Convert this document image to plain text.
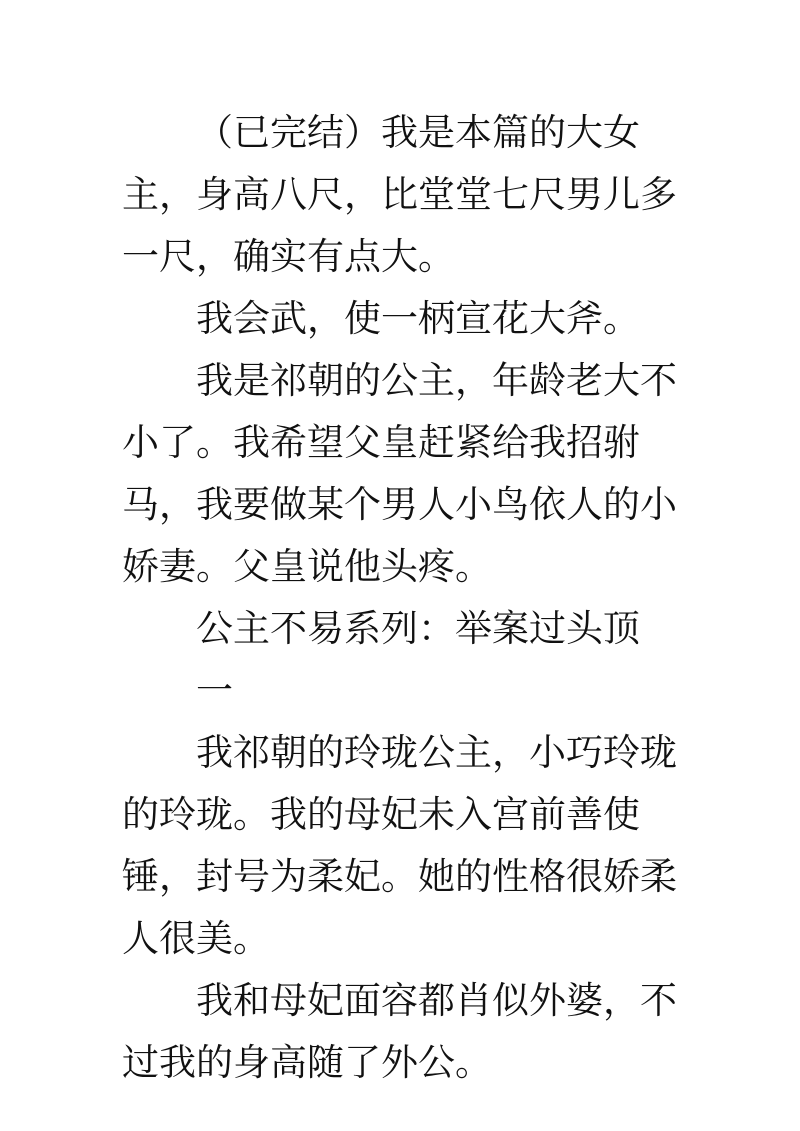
（已完结）我是本篇的大女主，身高八尺，比堂堂七尺男儿多一尺，确实有点大。

我会武，使一柄宣花大斧。

我是祁朝的公主，年龄老大不小了。我希望父皇赶紧给我招驸马，我要做某个男人小鸟依人的小娇妻。父皇说他头疼。

公主不易系列：举案过头顶

一

我祁朝的玲珑公主，小巧玲珑的玲珑。我的母妃未入宫前善使锤，封号为柔妃。她的性格很娇柔人很美。

我和母妃面容都肖似外婆，不过我的身高随了外公。
